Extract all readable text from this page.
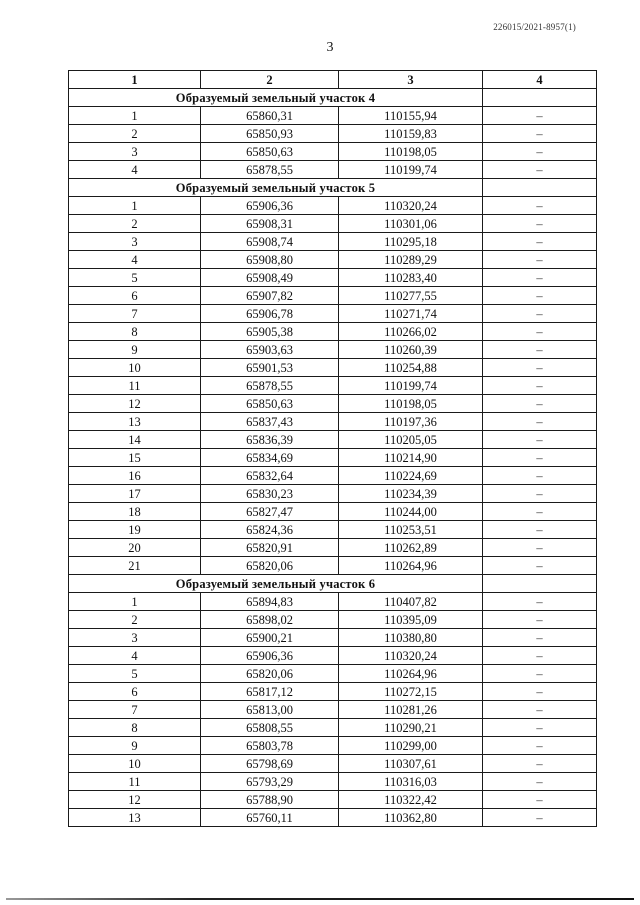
226015/2021-8957(1)
3
1	2	3	4
Образуемый земельный участок 4			
1	65860,31	110155,94	–
2	65850,93	110159,83	–
3	65850,63	110198,05	–
4	65878,55	110199,74	–
Образуемый земельный участок 5			
1	65906,36	110320,24	–
2	65908,31	110301,06	–
3	65908,74	110295,18	–
4	65908,80	110289,29	–
5	65908,49	110283,40	–
6	65907,82	110277,55	–
7	65906,78	110271,74	–
8	65905,38	110266,02	–
9	65903,63	110260,39	–
10	65901,53	110254,88	–
11	65878,55	110199,74	–
12	65850,63	110198,05	–
13	65837,43	110197,36	–
14	65836,39	110205,05	–
15	65834,69	110214,90	–
16	65832,64	110224,69	–
17	65830,23	110234,39	–
18	65827,47	110244,00	–
19	65824,36	110253,51	–
20	65820,91	110262,89	–
21	65820,06	110264,96	–
Образуемый земельный участок 6			
1	65894,83	110407,82	–
2	65898,02	110395,09	–
3	65900,21	110380,80	–
4	65906,36	110320,24	–
5	65820,06	110264,96	–
6	65817,12	110272,15	–
7	65813,00	110281,26	–
8	65808,55	110290,21	–
9	65803,78	110299,00	–
10	65798,69	110307,61	–
11	65793,29	110316,03	–
12	65788,90	110322,42	–
13	65760,11	110362,80	–
